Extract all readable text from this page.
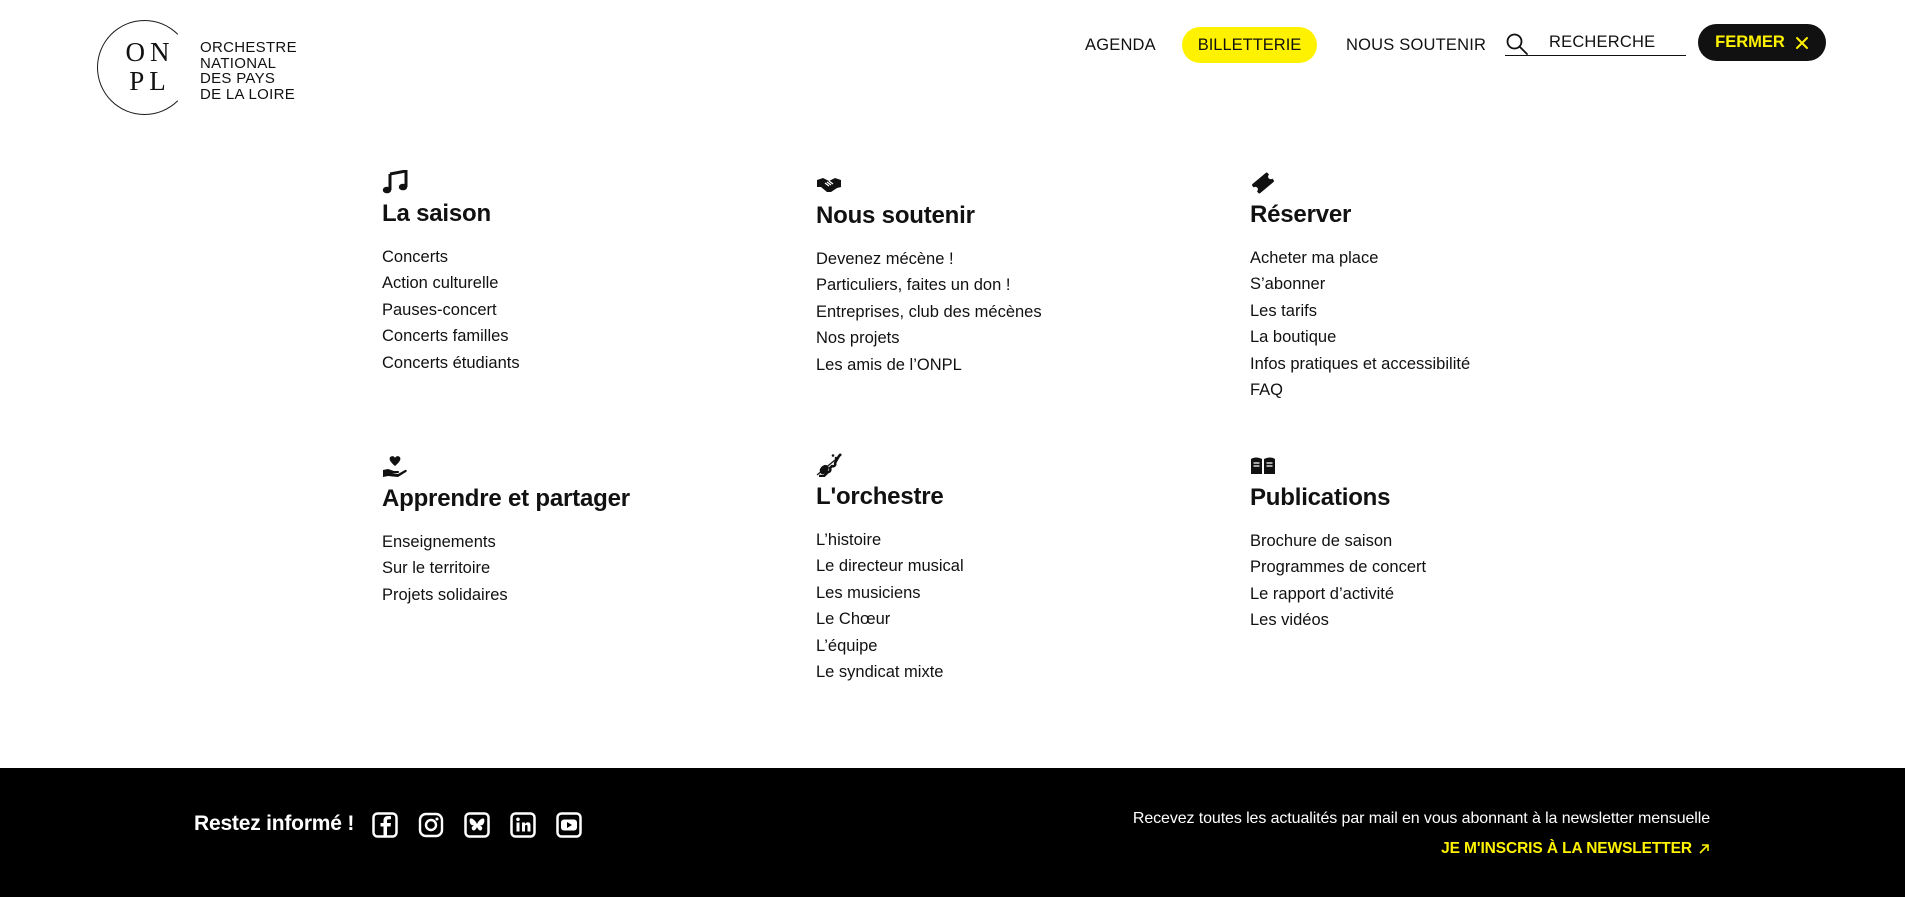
ON
PL
ORCHESTRE
NATIONAL
DES PAYS
DE LA LOIRE
AGENDA	BILLETTERIE	NOUS SOUTENIR	RECHERCHE	FERMER
La saison
Concerts
Action culturelle
Pauses-concert
Concerts familles
Concerts étudiants
Nous soutenir
Devenez mécène !
Particuliers, faites un don !
Entreprises, club des mécènes
Nos projets
Les amis de l’ONPL
Réserver
Acheter ma place
S’abonner
Les tarifs
La boutique
Infos pratiques et accessibilité
FAQ
Apprendre et partager
Enseignements
Sur le territoire
Projets solidaires
L'orchestre
L’histoire
Le directeur musical
Les musiciens
Le Chœur
L’équipe
Le syndicat mixte
Publications
Brochure de saison
Programmes de concert
Le rapport d’activité
Les vidéos
Restez informé !	Recevez toutes les actualités par mail en vous abonnant à la newsletter mensuelle
JE M'INSCRIS À LA NEWSLETTER
